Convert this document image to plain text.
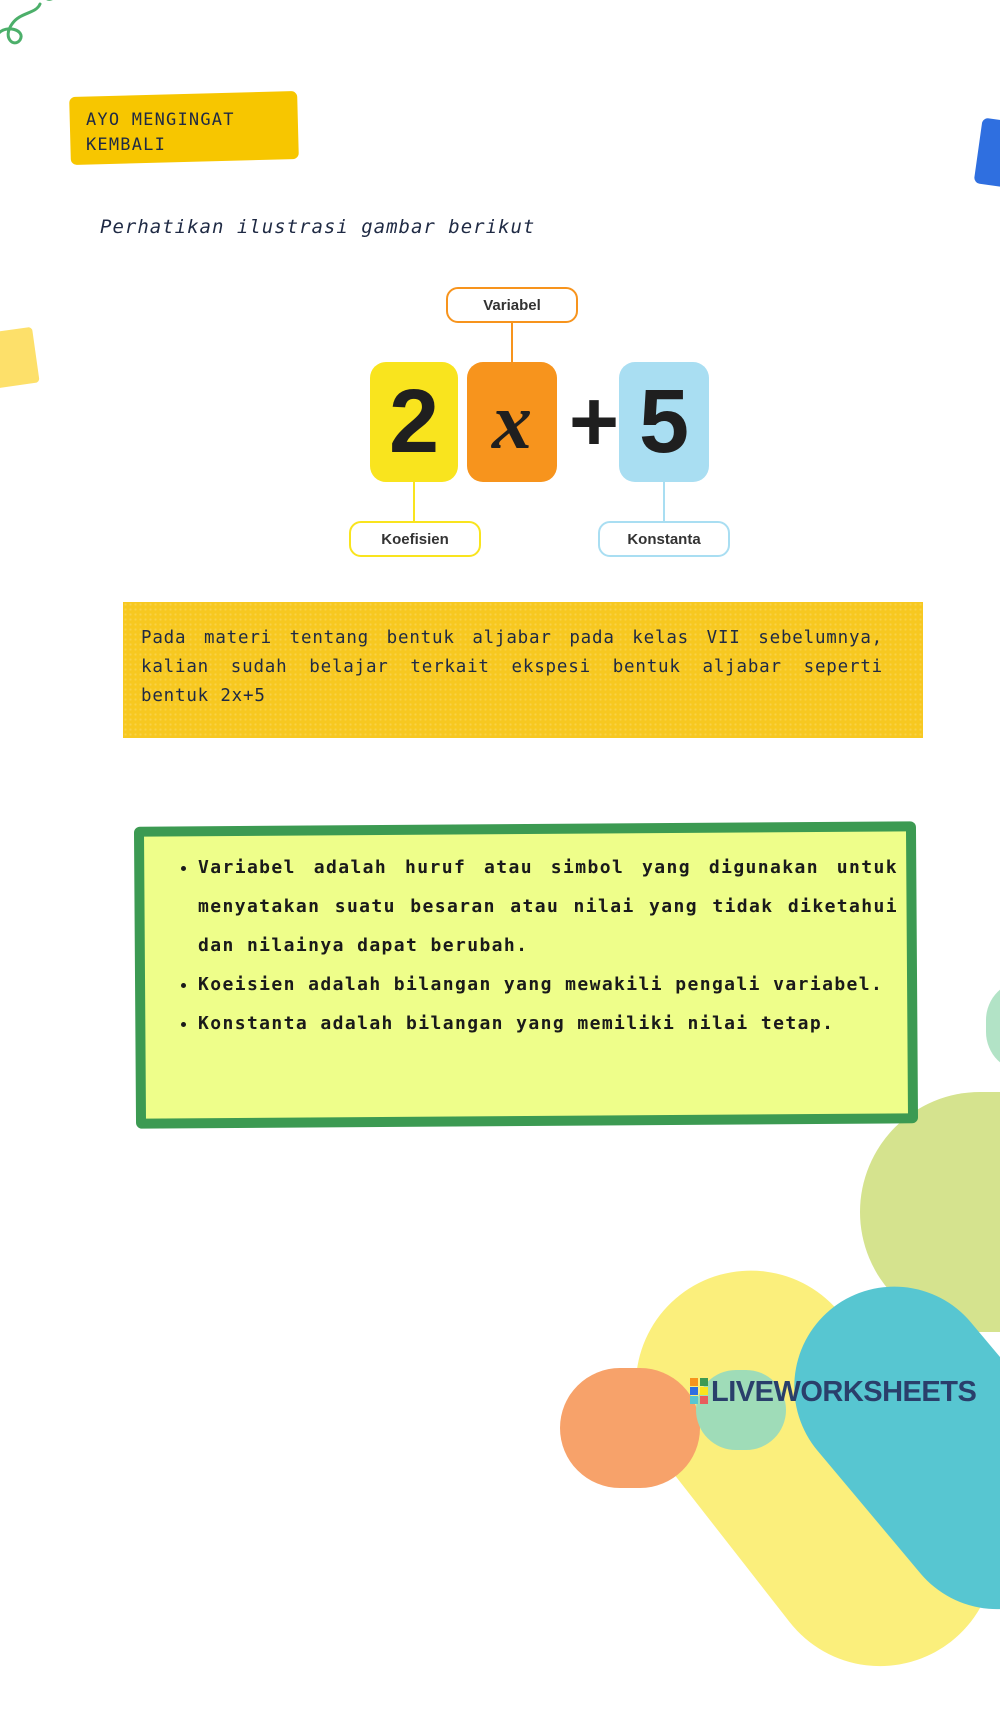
AYO MENGINGAT KEMBALI
Perhatikan ilustrasi gambar berikut
Variabel
2 x + 5
Koefisien	Konstanta
Pada materi tentang bentuk aljabar pada kelas VII sebelumnya, kalian sudah belajar terkait ekspesi bentuk aljabar seperti bentuk 2x+5
• Variabel adalah huruf atau simbol yang digunakan untuk menyatakan suatu besaran atau nilai yang tidak diketahui dan nilainya dapat berubah.
• Koeisien adalah bilangan yang mewakili pengali variabel.
• Konstanta adalah bilangan yang memiliki nilai tetap.
LIVEWORKSHEETS
